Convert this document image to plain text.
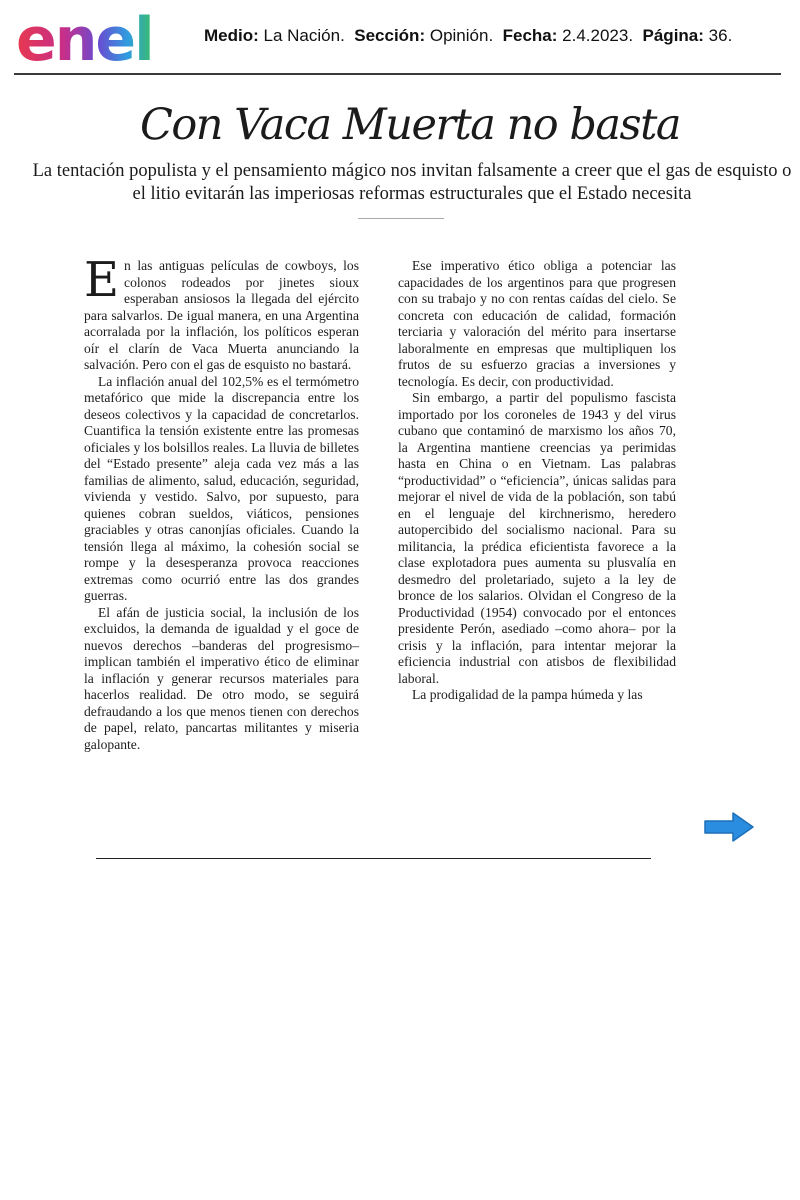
enel	Medio: La Nación. Sección: Opinión. Fecha: 2.4.2023. Página: 36.
Con Vaca Muerta no basta
La tentación populista y el pensamiento mágico nos invitan falsamente a creer que el gas de esquisto o el litio evitarán las imperiosas reformas estructurales que el Estado necesita

En las antiguas películas de cowboys, los colonos rodeados por jinetes sioux esperaban ansiosos la llegada del ejército para salvarlos. De igual manera, en una Argentina acorralada por la inflación, los políticos esperan oír el clarín de Vaca Muerta anunciando la salvación. Pero con el gas de esquisto no bastará.

La inflación anual del 102,5% es el termómetro metafórico que mide la discrepancia entre los deseos colectivos y la capacidad de concretarlos. Cuantifica la tensión existente entre las promesas oficiales y los bolsillos reales. La lluvia de billetes del “Estado presente” aleja cada vez más a las familias de alimento, salud, educación, seguridad, vivienda y vestido. Salvo, por supuesto, para quienes cobran sueldos, viáticos, pensiones graciables y otras canonjías oficiales. Cuando la tensión llega al máximo, la cohesión social se rompe y la desesperanza provoca reacciones extremas como ocurrió entre las dos grandes guerras.

El afán de justicia social, la inclusión de los excluidos, la demanda de igualdad y el goce de nuevos derechos –banderas del progresismo– implican también el imperativo ético de eliminar la inflación y generar recursos materiales para hacerlos realidad. De otro modo, se seguirá defraudando a los que menos tienen con derechos de papel, relato, pancartas militantes y miseria galopante.

Ese imperativo ético obliga a potenciar las capacidades de los argentinos para que progresen con su trabajo y no con rentas caídas del cielo. Se concreta con educación de calidad, formación terciaria y valoración del mérito para insertarse laboralmente en empresas que multipliquen los frutos de su esfuerzo gracias a inversiones y tecnología. Es decir, con productividad.

Sin embargo, a partir del populismo fascista importado por los coroneles de 1943 y del virus cubano que contaminó de marxismo los años 70, la Argentina mantiene creencias ya perimidas hasta en China o en Vietnam. Las palabras “productividad” o “eficiencia”, únicas salidas para mejorar el nivel de vida de la población, son tabú en el lenguaje del kirchnerismo, heredero autopercibido del socialismo nacional. Para su militancia, la prédica eficientista favorece a la clase explotadora pues aumenta su plusvalía en desmedro del proletariado, sujeto a la ley de bronce de los salarios. Olvidan el Congreso de la Productividad (1954) convocado por el entonces presidente Perón, asediado –como ahora– por la crisis y la inflación, para intentar mejorar la eficiencia industrial con atisbos de flexibilidad laboral.

La prodigalidad de la pampa húmeda y las
